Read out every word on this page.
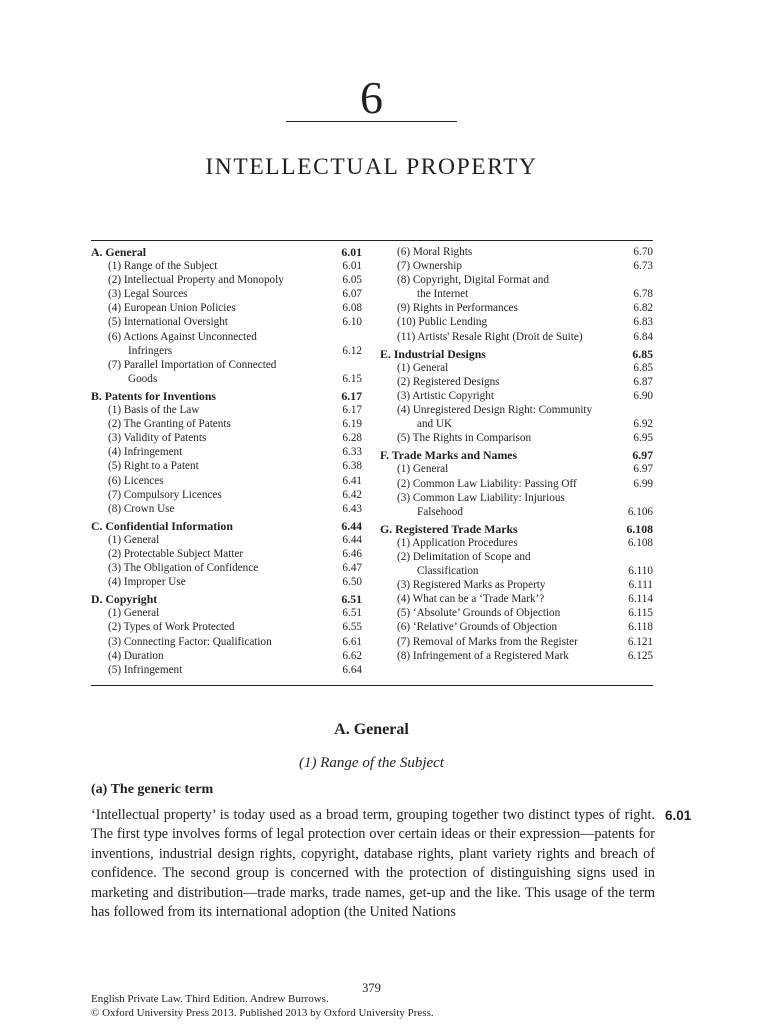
6
INTELLECTUAL PROPERTY
A. General	6.01
(1) Range of the Subject	6.01
(2) Intellectual Property and Monopoly	6.05
(3) Legal Sources	6.07
(4) European Union Policies	6.08
(5) International Oversight	6.10
(6) Actions Against Unconnected
Infringers	6.12
(7) Parallel Importation of Connected
Goods	6.15
B. Patents for Inventions	6.17
(1) Basis of the Law	6.17
(2) The Granting of Patents	6.19
(3) Validity of Patents	6.28
(4) Infringement	6.33
(5) Right to a Patent	6.38
(6) Licences	6.41
(7) Compulsory Licences	6.42
(8) Crown Use	6.43
C. Confidential Information	6.44
(1) General	6.44
(2) Protectable Subject Matter	6.46
(3) The Obligation of Confidence	6.47
(4) Improper Use	6.50
D. Copyright	6.51
(1) General	6.51
(2) Types of Work Protected	6.55
(3) Connecting Factor: Qualification	6.61
(4) Duration	6.62
(5) Infringement	6.64
(6) Moral Rights	6.70
(7) Ownership	6.73
(8) Copyright, Digital Format and
the Internet	6.78
(9) Rights in Performances	6.82
(10) Public Lending	6.83
(11) Artists' Resale Right (Droit de Suite)	6.84
E. Industrial Designs	6.85
(1) General	6.85
(2) Registered Designs	6.87
(3) Artistic Copyright	6.90
(4) Unregistered Design Right: Community
and UK	6.92
(5) The Rights in Comparison	6.95
F. Trade Marks and Names	6.97
(1) General	6.97
(2) Common Law Liability: Passing Off	6.99
(3) Common Law Liability: Injurious
Falsehood	6.106
G. Registered Trade Marks	6.108
(1) Application Procedures	6.108
(2) Delimitation of Scope and
Classification	6.110
(3) Registered Marks as Property	6.111
(4) What can be a ‘Trade Mark’?	6.114
(5) ‘Absolute’ Grounds of Objection	6.115
(6) ‘Relative’ Grounds of Objection	6.118
(7) Removal of Marks from the Register	6.121
(8) Infringement of a Registered Mark	6.125
A. General
(1) Range of the Subject
(a) The generic term
‘Intellectual property’ is today used as a broad term, grouping together two distinct types of right. The first type involves forms of legal protection over certain ideas or their expression—patents for inventions, industrial design rights, copyright, database rights, plant variety rights and breach of confidence. The second group is concerned with the protection of distinguishing signs used in marketing and distribution—trade marks, trade names, get-up and the like. This usage of the term has followed from its international adoption (the United Nations
6.01
379
English Private Law. Third Edition. Andrew Burrows.
© Oxford University Press 2013. Published 2013 by Oxford University Press.
